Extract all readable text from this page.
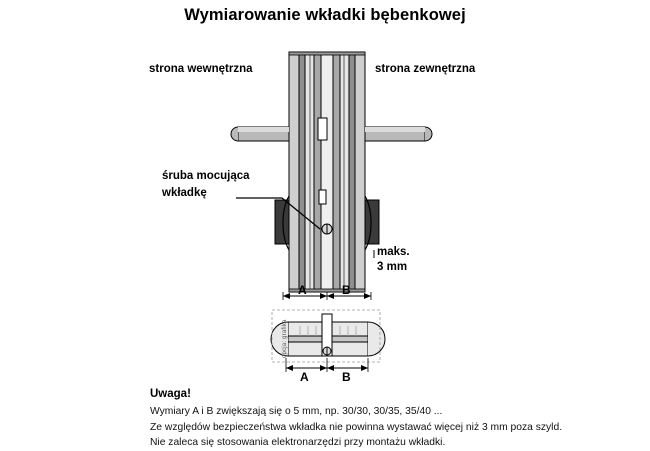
Wymiarowanie wkładki bębenkowej
strona wewnętrzna	strona zewnętrzna
śruba mocująca
wkładkę
maks.
3 mm
A	B
A	B
opcja: grafika
Uwaga!
Wymiary A i B zwiększają się o 5 mm, np. 30/30, 30/35, 35/40 ...
Ze względów bezpieczeństwa wkładka nie powinna wystawać więcej niż 3 mm poza szyld.
Nie zaleca się stosowania elektronarzędzi przy montażu wkładki.
